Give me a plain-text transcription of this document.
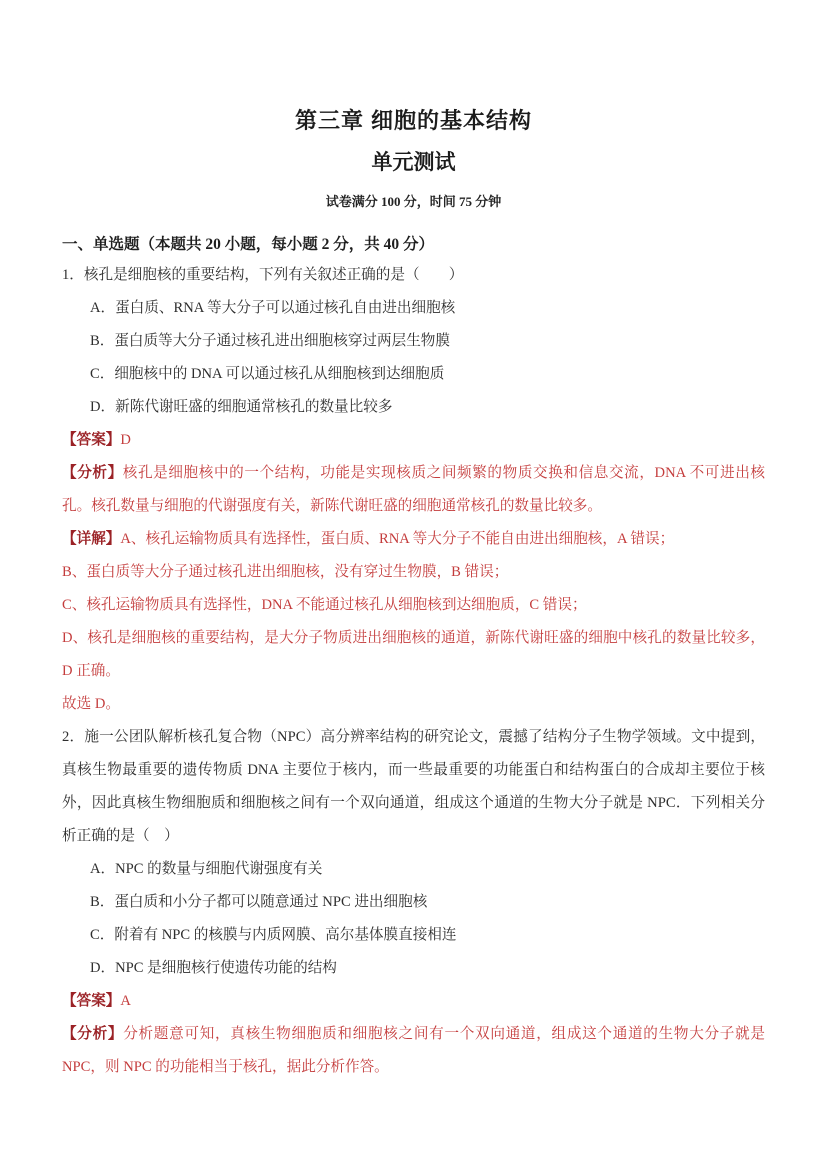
第三章 细胞的基本结构
单元测试
试卷满分 100 分，时间 75 分钟
一、单选题（本题共 20 小题，每小题 2 分，共 40 分）

1．核孔是细胞核的重要结构，下列有关叙述正确的是（　　）

A．蛋白质、RNA 等大分子可以通过核孔自由进出细胞核

B．蛋白质等大分子通过核孔进出细胞核穿过两层生物膜

C．细胞核中的 DNA 可以通过核孔从细胞核到达细胞质

D．新陈代谢旺盛的细胞通常核孔的数量比较多

【答案】D

【分析】核孔是细胞核中的一个结构，功能是实现核质之间频繁的物质交换和信息交流，DNA 不可进出核孔。核孔数量与细胞的代谢强度有关，新陈代谢旺盛的细胞通常核孔的数量比较多。

【详解】A、核孔运输物质具有选择性，蛋白质、RNA 等大分子不能自由进出细胞核，A 错误；

B、蛋白质等大分子通过核孔进出细胞核，没有穿过生物膜，B 错误；

C、核孔运输物质具有选择性，DNA 不能通过核孔从细胞核到达细胞质，C 错误；

D、核孔是细胞核的重要结构，是大分子物质进出细胞核的通道，新陈代谢旺盛的细胞中核孔的数量比较多，D 正确。

故选 D。

2．施一公团队解析核孔复合物（NPC）高分辨率结构的研究论文，震撼了结构分子生物学领域。文中提到，真核生物最重要的遗传物质 DNA 主要位于核内，而一些最重要的功能蛋白和结构蛋白的合成却主要位于核外，因此真核生物细胞质和细胞核之间有一个双向通道，组成这个通道的生物大分子就是 NPC．下列相关分析正确的是（　）

A．NPC 的数量与细胞代谢强度有关

B．蛋白质和小分子都可以随意通过 NPC 进出细胞核

C．附着有 NPC 的核膜与内质网膜、高尔基体膜直接相连

D．NPC 是细胞核行使遗传功能的结构

【答案】A

【分析】分析题意可知，真核生物细胞质和细胞核之间有一个双向通道，组成这个通道的生物大分子就是 NPC，则 NPC 的功能相当于核孔，据此分析作答。
